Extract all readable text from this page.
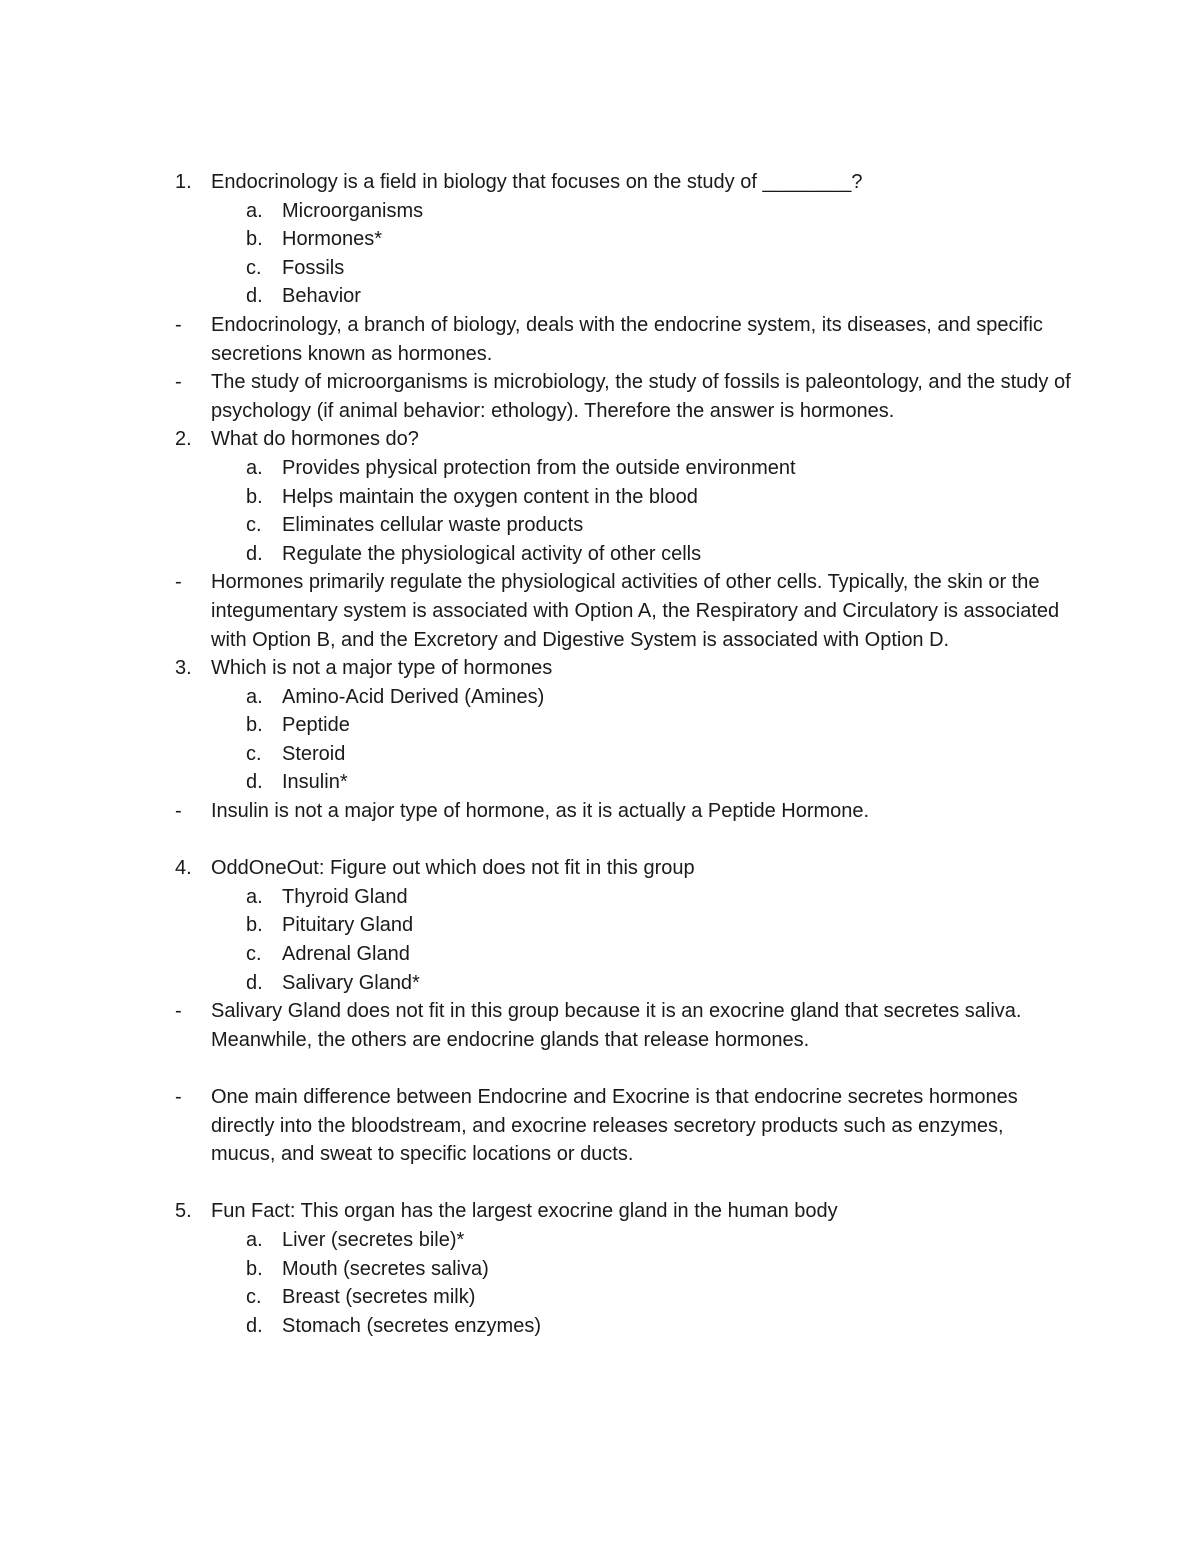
1. Endocrinology is a field in biology that focuses on the study of ________?
a. Microorganisms
b. Hormones*
c. Fossils
d. Behavior
- Endocrinology, a branch of biology, deals with the endocrine system, its diseases, and specific secretions known as hormones.
- The study of microorganisms is microbiology, the study of fossils is paleontology, and the study of psychology (if animal behavior: ethology). Therefore the answer is hormones.
2. What do hormones do?
a. Provides physical protection from the outside environment
b. Helps maintain the oxygen content in the blood
c. Eliminates cellular waste products
d. Regulate the physiological activity of other cells
- Hormones primarily regulate the physiological activities of other cells. Typically, the skin or the integumentary system is associated with Option A, the Respiratory and Circulatory is associated with Option B, and the Excretory and Digestive System is associated with Option D.
3. Which is not a major type of hormones
a. Amino-Acid Derived (Amines)
b. Peptide
c. Steroid
d. Insulin*
- Insulin is not a major type of hormone, as it is actually a Peptide Hormone.
4. OddOneOut: Figure out which does not fit in this group
a. Thyroid Gland
b. Pituitary Gland
c. Adrenal Gland
d. Salivary Gland*
- Salivary Gland does not fit in this group because it is an exocrine gland that secretes saliva. Meanwhile, the others are endocrine glands that release hormones.
- One main difference between Endocrine and Exocrine is that endocrine secretes hormones directly into the bloodstream, and exocrine releases secretory products such as enzymes, mucus, and sweat to specific locations or ducts.
5. Fun Fact: This organ has the largest exocrine gland in the human body
a. Liver (secretes bile)*
b. Mouth (secretes saliva)
c. Breast (secretes milk)
d. Stomach (secretes enzymes)
